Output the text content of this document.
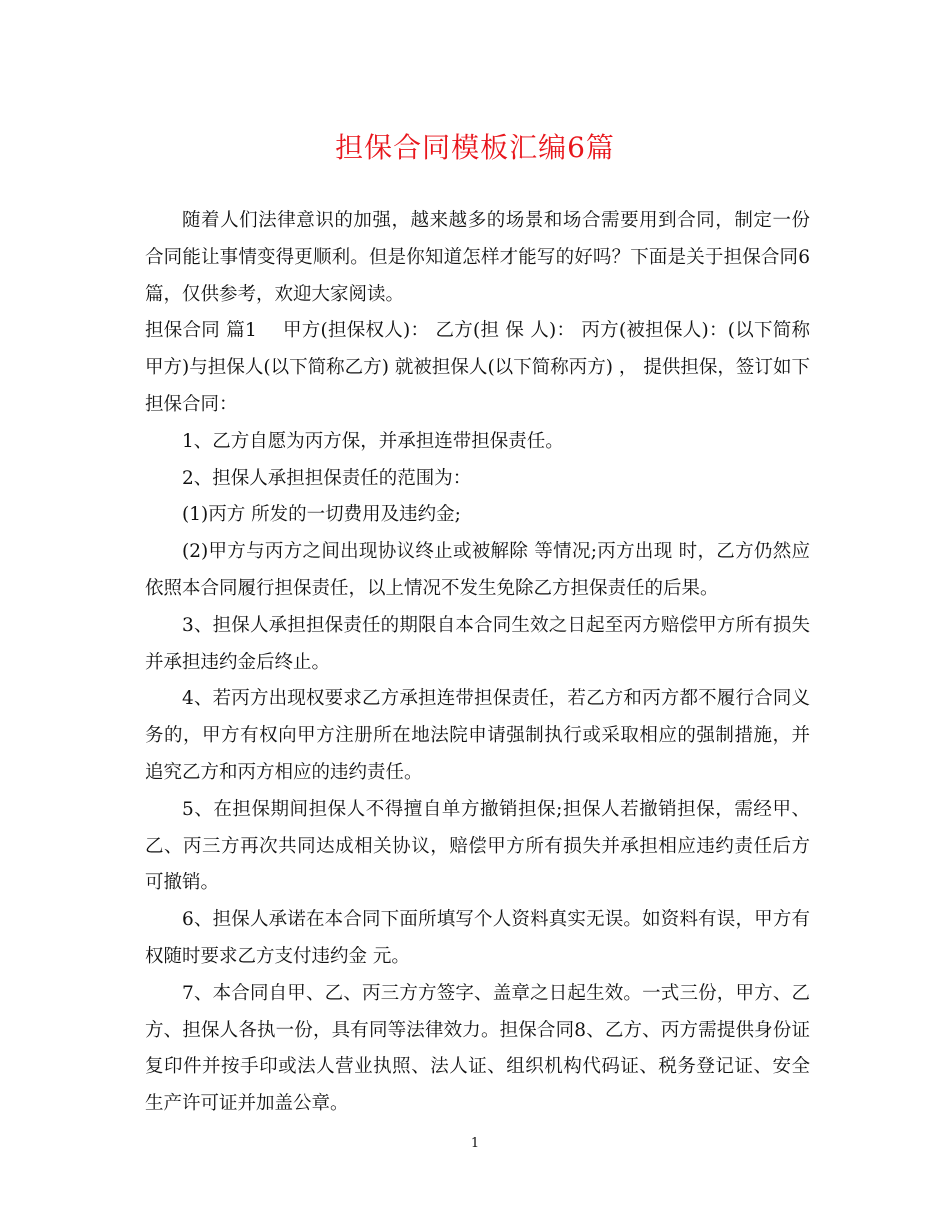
担保合同模板汇编6篇

随着人们法律意识的加强，越来越多的场景和场合需要用到合同，制定一份合同能让事情变得更顺利。但是你知道怎样才能写的好吗？下面是关于担保合同6篇，仅供参考，欢迎大家阅读。

担保合同 篇1 甲方(担保权人)： 乙方(担 保 人)： 丙方(被担保人)：(以下简称甲方)与担保人(以下简称乙方) 就被担保人(以下简称丙方) ， 提供担保，签订如下担保合同：

1、乙方自愿为丙方保，并承担连带担保责任。

2、担保人承担担保责任的范围为：

(1)丙方 所发的一切费用及违约金;

(2)甲方与丙方之间出现协议终止或被解除 等情况;丙方出现 时，乙方仍然应依照本合同履行担保责任，以上情况不发生免除乙方担保责任的后果。

3、担保人承担担保责任的期限自本合同生效之日起至丙方赔偿甲方所有损失并承担违约金后终止。

4、若丙方出现权要求乙方承担连带担保责任，若乙方和丙方都不履行合同义务的，甲方有权向甲方注册所在地法院申请强制执行或采取相应的强制措施，并追究乙方和丙方相应的违约责任。

5、在担保期间担保人不得擅自单方撤销担保;担保人若撤销担保，需经甲、乙、丙三方再次共同达成相关协议，赔偿甲方所有损失并承担相应违约责任后方可撤销。

6、担保人承诺在本合同下面所填写个人资料真实无误。如资料有误，甲方有权随时要求乙方支付违约金 元。

7、本合同自甲、乙、丙三方方签字、盖章之日起生效。一式三份，甲方、乙方、担保人各执一份，具有同等法律效力。担保合同8、乙方、丙方需提供身份证复印件并按手印或法人营业执照、法人证、组织机构代码证、税务登记证、安全生产许可证并加盖公章。

1
